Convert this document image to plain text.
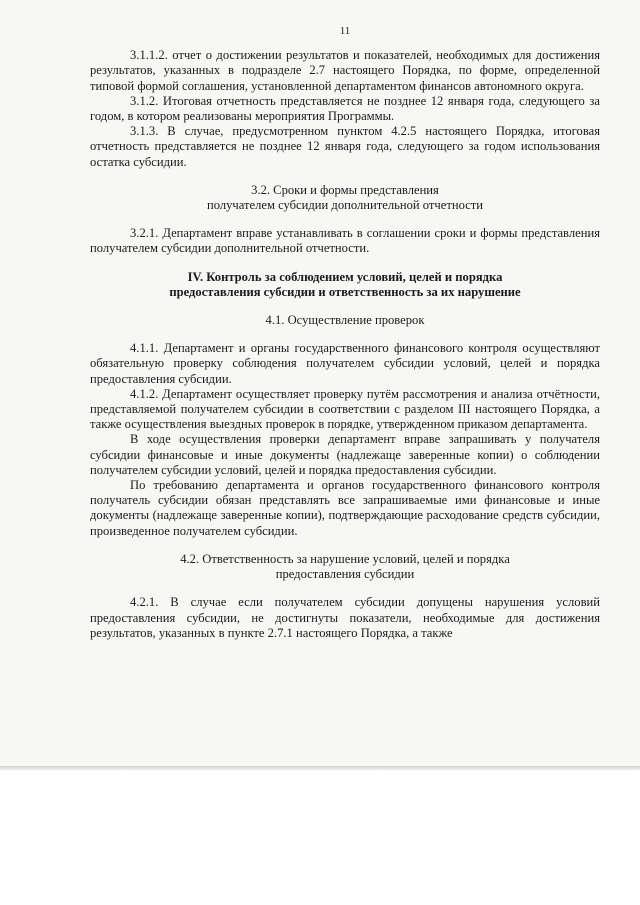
11
3.1.1.2. отчет о достижении результатов и показателей, необходимых для достижения результатов, указанных в подразделе 2.7 настоящего Порядка, по форме, определенной типовой формой соглашения, установленной департаментом финансов автономного округа.
3.1.2. Итоговая отчетность представляется не позднее 12 января года, следующего за годом, в котором реализованы мероприятия Программы.
3.1.3. В случае, предусмотренном пунктом 4.2.5 настоящего Порядка, итоговая отчетность представляется не позднее 12 января года, следующего за годом использования остатка субсидии.
3.2. Сроки и формы представления
получателем субсидии дополнительной отчетности
3.2.1. Департамент вправе устанавливать в соглашении сроки и формы представления получателем субсидии дополнительной отчетности.
IV. Контроль за соблюдением условий, целей и порядка
предоставления субсидии и ответственность за их нарушение
4.1. Осуществление проверок
4.1.1. Департамент и органы государственного финансового контроля осуществляют обязательную проверку соблюдения получателем субсидии условий, целей и порядка предоставления субсидии.
4.1.2. Департамент осуществляет проверку путём рассмотрения и анализа отчётности, представляемой получателем субсидии в соответствии с разделом III настоящего Порядка, а также осуществления выездных проверок в порядке, утвержденном приказом департамента.
В ходе осуществления проверки департамент вправе запрашивать у получателя субсидии финансовые и иные документы (надлежаще заверенные копии) о соблюдении получателем субсидии условий, целей и порядка предоставления субсидии.
По требованию департамента и органов государственного финансового контроля получатель субсидии обязан представлять все запрашиваемые ими финансовые и иные документы (надлежаще заверенные копии), подтверждающие расходование средств субсидии, произведенное получателем субсидии.
4.2. Ответственность за нарушение условий, целей и порядка
предоставления субсидии
4.2.1. В случае если получателем субсидии допущены нарушения условий предоставления субсидии, не достигнуты показатели, необходимые для достижения результатов, указанных в пункте 2.7.1 настоящего Порядка, а также
